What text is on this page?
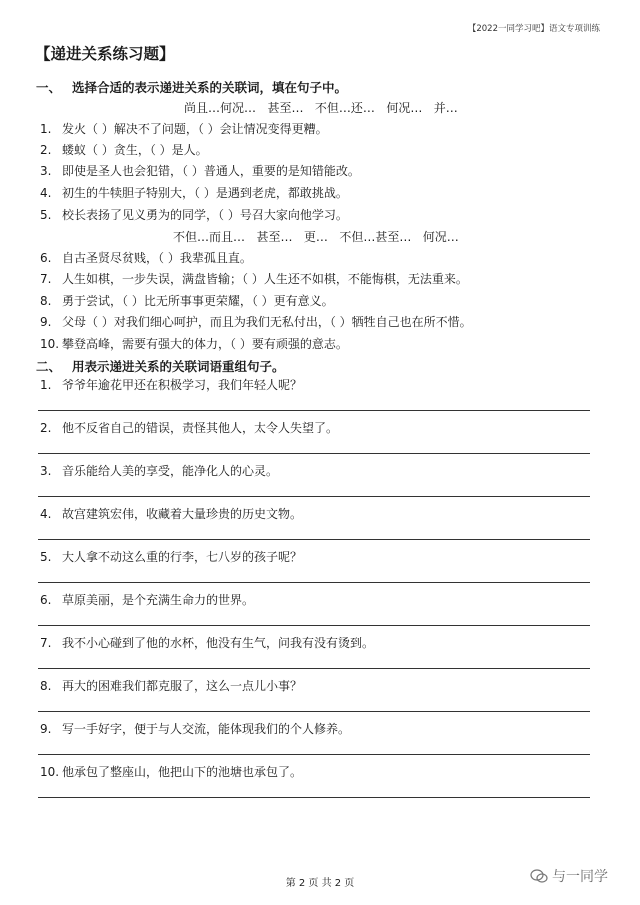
【2022一同学习吧】语文专项训练
【递进关系练习题】
一、 选择合适的表示递进关系的关联词，填在句子中。
尚且…何况…   甚至…   不但…还…   何况…   并…
1. 发火（ ）解决不了问题，（ ）会让情况变得更糟。
2. 蝼蚁（ ）贪生，（ ）是人。
3. 即使是圣人也会犯错，（ ）普通人，重要的是知错能改。
4. 初生的牛犊胆子特别大，（ ）是遇到老虎，都敢挑战。
5. 校长表扬了见义勇为的同学，（ ）号召大家向他学习。
不但…而且…   甚至…   更…   不但…甚至…   何况…
6. 自古圣贤尽贫贱，（ ）我辈孤且直。
7. 人生如棋，一步失误，满盘皆输；（ ）人生还不如棋，不能悔棋，无法重来。
8. 勇于尝试，（ ）比无所事事更荣耀，（ ）更有意义。
9. 父母（ ）对我们细心呵护，而且为我们无私付出，（ ）牺牲自己也在所不惜。
10. 攀登高峰，需要有强大的体力，（ ）要有顽强的意志。
二、 用表示递进关系的关联词语重组句子。
1. 爷爷年逾花甲还在积极学习，我们年轻人呢？
2. 他不反省自己的错误，责怪其他人，太令人失望了。
3. 音乐能给人美的享受，能净化人的心灵。
4. 故宫建筑宏伟，收藏着大量珍贵的历史文物。
5. 大人拿不动这么重的行李，七八岁的孩子呢？
6. 草原美丽，是个充满生命力的世界。
7. 我不小心碰到了他的水杯，他没有生气，问我有没有烫到。
8. 再大的困难我们都克服了，这么一点儿小事？
9. 写一手好字，便于与人交流，能体现我们的个人修养。
10. 他承包了整座山，他把山下的池塘也承包了。
第 2 页 共 2 页	与一同学
